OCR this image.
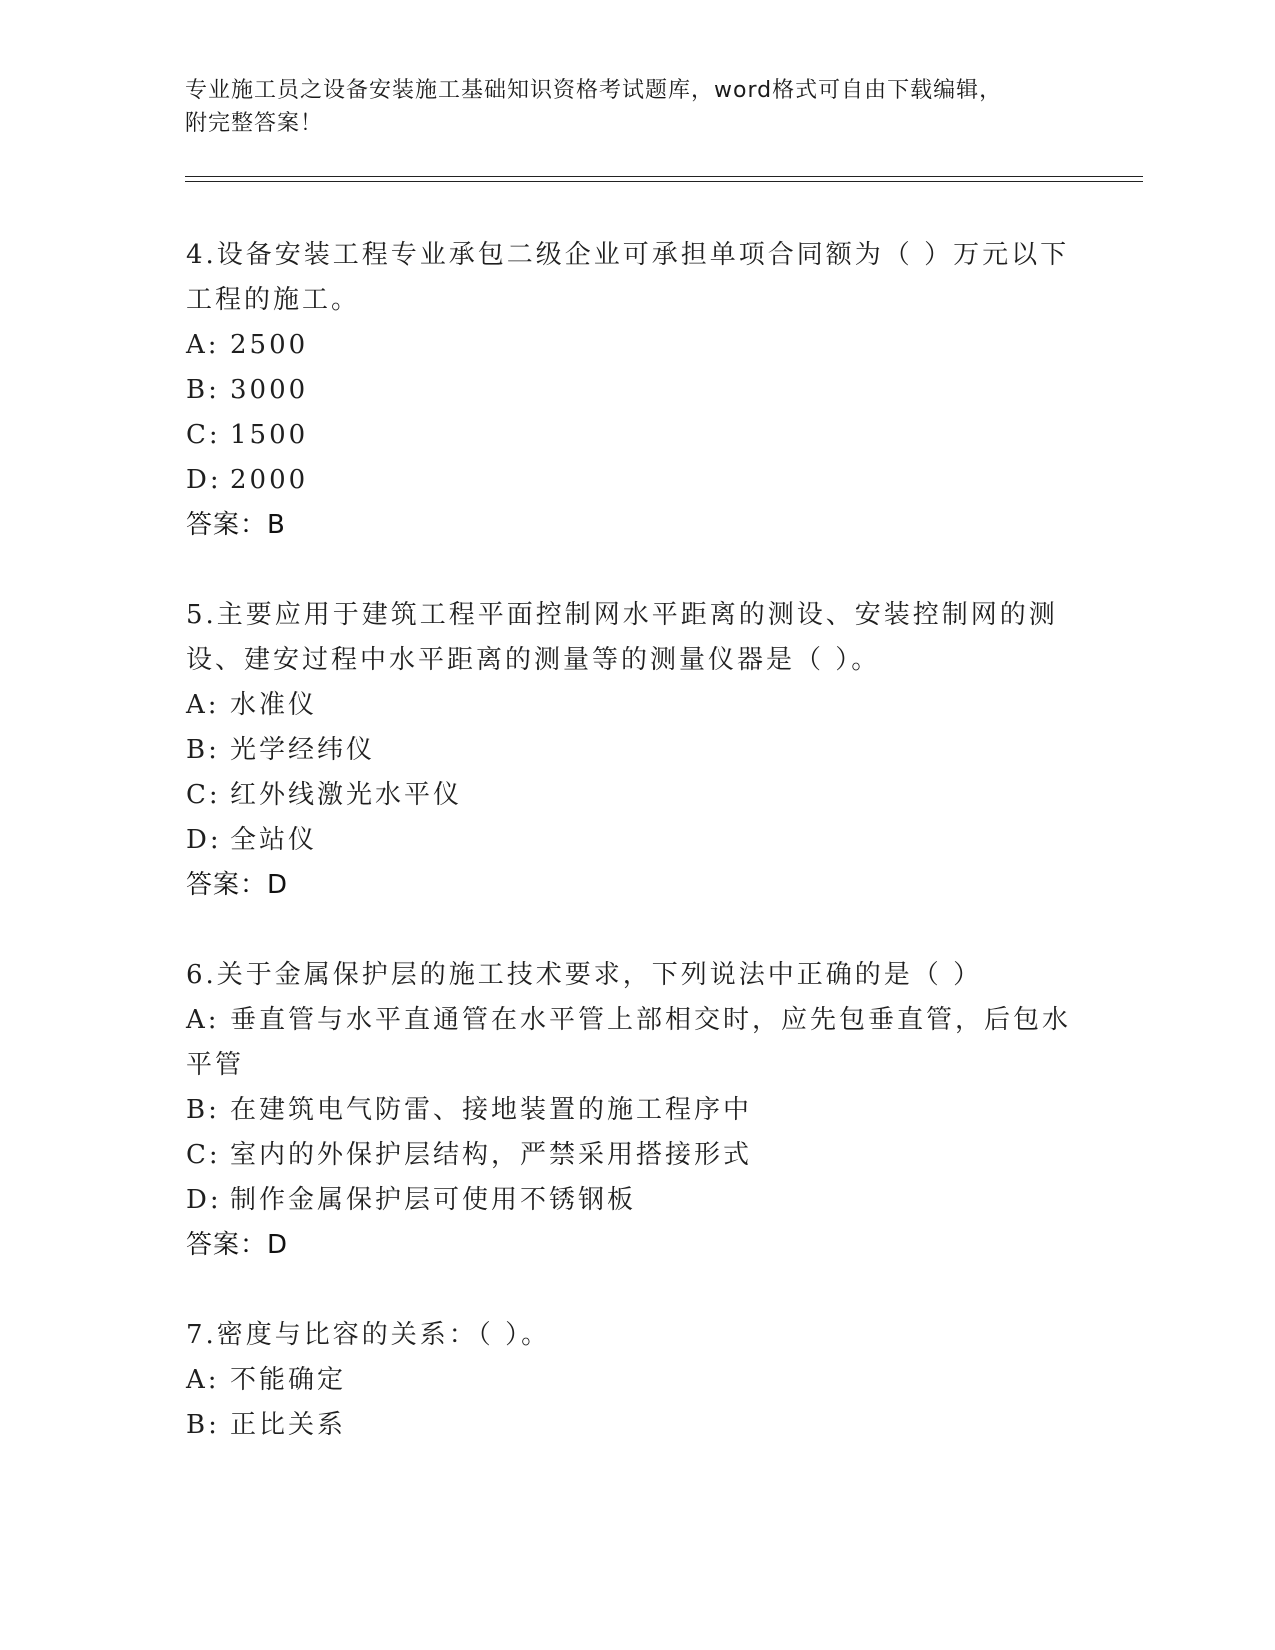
专业施工员之设备安装施工基础知识资格考试题库，word格式可自由下载编辑，
附完整答案！
4.设备安装工程专业承包二级企业可承担单项合同额为（ ）万元以下
工程的施工。
A: 2500
B: 3000
C: 1500
D: 2000
答案：B
5.主要应用于建筑工程平面控制网水平距离的测设、安装控制网的测
设、建安过程中水平距离的测量等的测量仪器是（ ）。
A: 水准仪
B: 光学经纬仪
C: 红外线激光水平仪
D: 全站仪
答案：D
6.关于金属保护层的施工技术要求，下列说法中正确的是（ ）
A: 垂直管与水平直通管在水平管上部相交时，应先包垂直管，后包水
平管
B: 在建筑电气防雷、接地装置的施工程序中
C: 室内的外保护层结构，严禁采用搭接形式
D: 制作金属保护层可使用不锈钢板
答案：D
7.密度与比容的关系：（ ）。
A: 不能确定
B: 正比关系
